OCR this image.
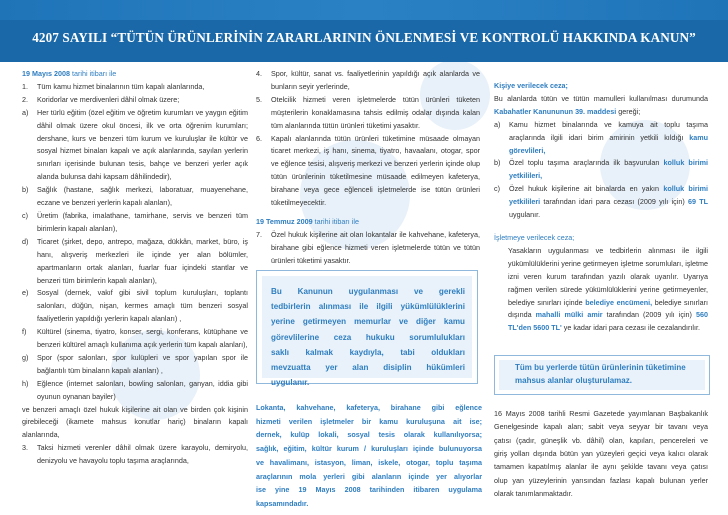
4207 SAYILI “TÜTÜN ÜRÜNLERİNİN ZARARLARININ ÖNLENMESİ VE KONTROLÜ HAKKINDA KANUN”

19 Mayıs 2008 tarihi itibarı ile

1.	Tüm kamu hizmet binalarının tüm kapalı alanlarında,
2.	Koridorlar ve merdivenleri dâhil olmak üzere;
a)	Her türlü eğitim (özel eğitim ve öğretim kurumları ve yaygın eğitim dâhil olmak üzere okul öncesi, ilk ve orta öğrenim kurumları; dershane, kurs ve benzeri tüm kurum ve kuruluşlar ile kültür ve sosyal hizmet binaları kapalı ve açık alanlarında, sayılan yerlerin sınırları içerisinde bulunan tesis, bahçe ve benzeri yerler açık alanda bulunsa dahi kapsam dâhilindedir),
b)	Sağlık (hastane, sağlık merkezi, laboratuar, muayenehane, eczane ve benzeri yerlerin kapalı alanları),
c)	Üretim (fabrika, imalathane, tamirhane, servis ve benzeri tüm birimlerin kapalı alanları),
d)	Ticaret (şirket, depo, antrepo, mağaza, dükkân, market, büro, iş hanı, alışveriş merkezleri ile içinde yer alan bölümler, apartmanların ortak alanları, fuarlar fuar içindeki stantlar ve benzeri tüm birimlerin kapalı alanları),
e)	Sosyal (dernek, vakıf gibi sivil toplum kuruluşları, toplantı salonları, düğün, nişan, kermes amaçlı tüm benzeri sosyal faaliyetlerin yapıldığı yerlerin kapalı alanları) ,
f)	Kültürel (sinema, tiyatro, konser, sergi, konferans, kütüphane ve benzeri kültürel amaçlı kullanıma açık yerlerin tüm kapalı alanları),
g)	Spor (spor salonları, spor kulüpleri ve spor yapılan spor ile bağlantılı tüm binaların kapalı alanları) ,
h)	Eğlence (internet salonları, bowling salonları, ganyan, iddia gibi oyunun oynanan bayiler)

ve benzeri amaçlı özel hukuk kişilerine ait olan ve birden çok kişinin girebileceği (ikamete mahsus konutlar hariç) binaların kapalı alanlarında,

3.	Taksi hizmeti verenler dâhil olmak üzere karayolu, demiryolu, denizyolu ve havayolu toplu taşıma araçlarında,
4.	Spor, kültür, sanat vs. faaliyetlerinin yapıldığı açık alanlarda ve bunların seyir yerlerinde,
5.	Otelcilik hizmeti veren işletmelerde tütün ürünleri tüketen müşterilerin konaklamasına tahsis edilmiş odalar dışında kalan tüm alanlarında tütün ürünleri tüketimi yasaktır.
6.	Kapalı alanlarında tütün ürünleri tüketimine müsaade olmayan ticaret merkezi, iş hanı, sinema, tiyatro, havaalanı, otogar, spor ve eğlence tesisi, alışveriş merkezi ve benzeri yerlerin içinde olup tütün ürünlerinin tüketilmesine müsaade edilmeyen kafeterya, birahane veya gece eğlenceli işletmelerde ise tütün ürünleri tüketilmeyecektir.

19 Temmuz 2009 tarihi itibarı ile

7.	Özel hukuk kişilerine ait olan lokantalar ile kahvehane, kafeterya, birahane gibi eğlence hizmeti veren işletmelerde tütün ve tütün ürünleri tüketimi yasaktır.
Bu Kanunun uygulanması ve gerekli
tedbirlerin alınması ile ilgili yükümlülüklerini
yerine getirmeyen memurlar ve diğer kamu
görevlilerine ceza hukuku sorumlulukları
saklı kalmak kaydıyla, tabi oldukları
mevzuatta yer alan disiplin hükümleri
uygulanır.
Lokanta, kahvehane, kafeterya, birahane gibi eğlence
hizmeti verilen işletmeler bir kamu kuruluşuna ait ise;
dernek, kulüp lokali, sosyal tesis olarak kullanılıyorsa;
sağlık, eğitim, kültür kurum / kuruluşları içinde bulunuyorsa
ve havalimanı, istasyon, liman, iskele, otogar, toplu taşıma
araçlarının mola yerleri gibi alanların içinde yer alıyorlar
ise yine 19 Mayıs 2008 tarihinden itibaren uygulama
kapsamındadır.

Kişiye verilecek ceza;

Bu alanlarda tütün ve tütün mamulleri kullanılması durumunda Kabahatler Kanununun 39. maddesi gereği;

a)	Kamu hizmet binalarında ve kamuya ait toplu taşıma araçlarında ilgili idari birim amirinin yetkili kıldığı kamu görevlileri,
b)	Özel toplu taşıma araçlarında ilk başvurulan kolluk birimi yetkilileri,
c)	Özel hukuk kişilerine ait binalarda en yakın kolluk birimi yetkilileri tarafından idari para cezası (2009 yılı için) 69 TL uygulanır.

İşletmeye verilecek ceza;

Yasakların uygulanması ve tedbirlerin alınması ile ilgili yükümlülüklerini yerine getirmeyen işletme sorumluları, işletme izni veren kurum tarafından yazılı olarak uyarılır. Uyarıya rağmen verilen sürede yükümlülüklerini yerine getirmeyenler, belediye sınırları içinde belediye encümeni, belediye sınırları dışında mahalli mülki amir tarafından (2009 yılı için) 560 TL'den 5600 TL' ye kadar idari para cezası ile cezalandırılır.

Tüm bu yerlerde tütün ürünlerinin tüketimine
mahsus alanlar oluşturulamaz.
16 Mayıs 2008 tarihli Resmi Gazetede yayımlanan Başbakanlık
Genelgesinde kapalı alan; sabit veya seyyar bir tavanı veya
çatısı (çadır, güneşlik vb. dâhil) olan, kapıları, pencereleri ve
giriş yolları dışında bütün yan yüzeyleri geçici veya kalıcı olarak
tamamen kapatılmış alanlar ile aynı şekilde tavanı veya çatısı
olup yan yüzeylerinin yarısından fazlası kapalı bulunan yerler
olarak tanımlanmaktadır.
